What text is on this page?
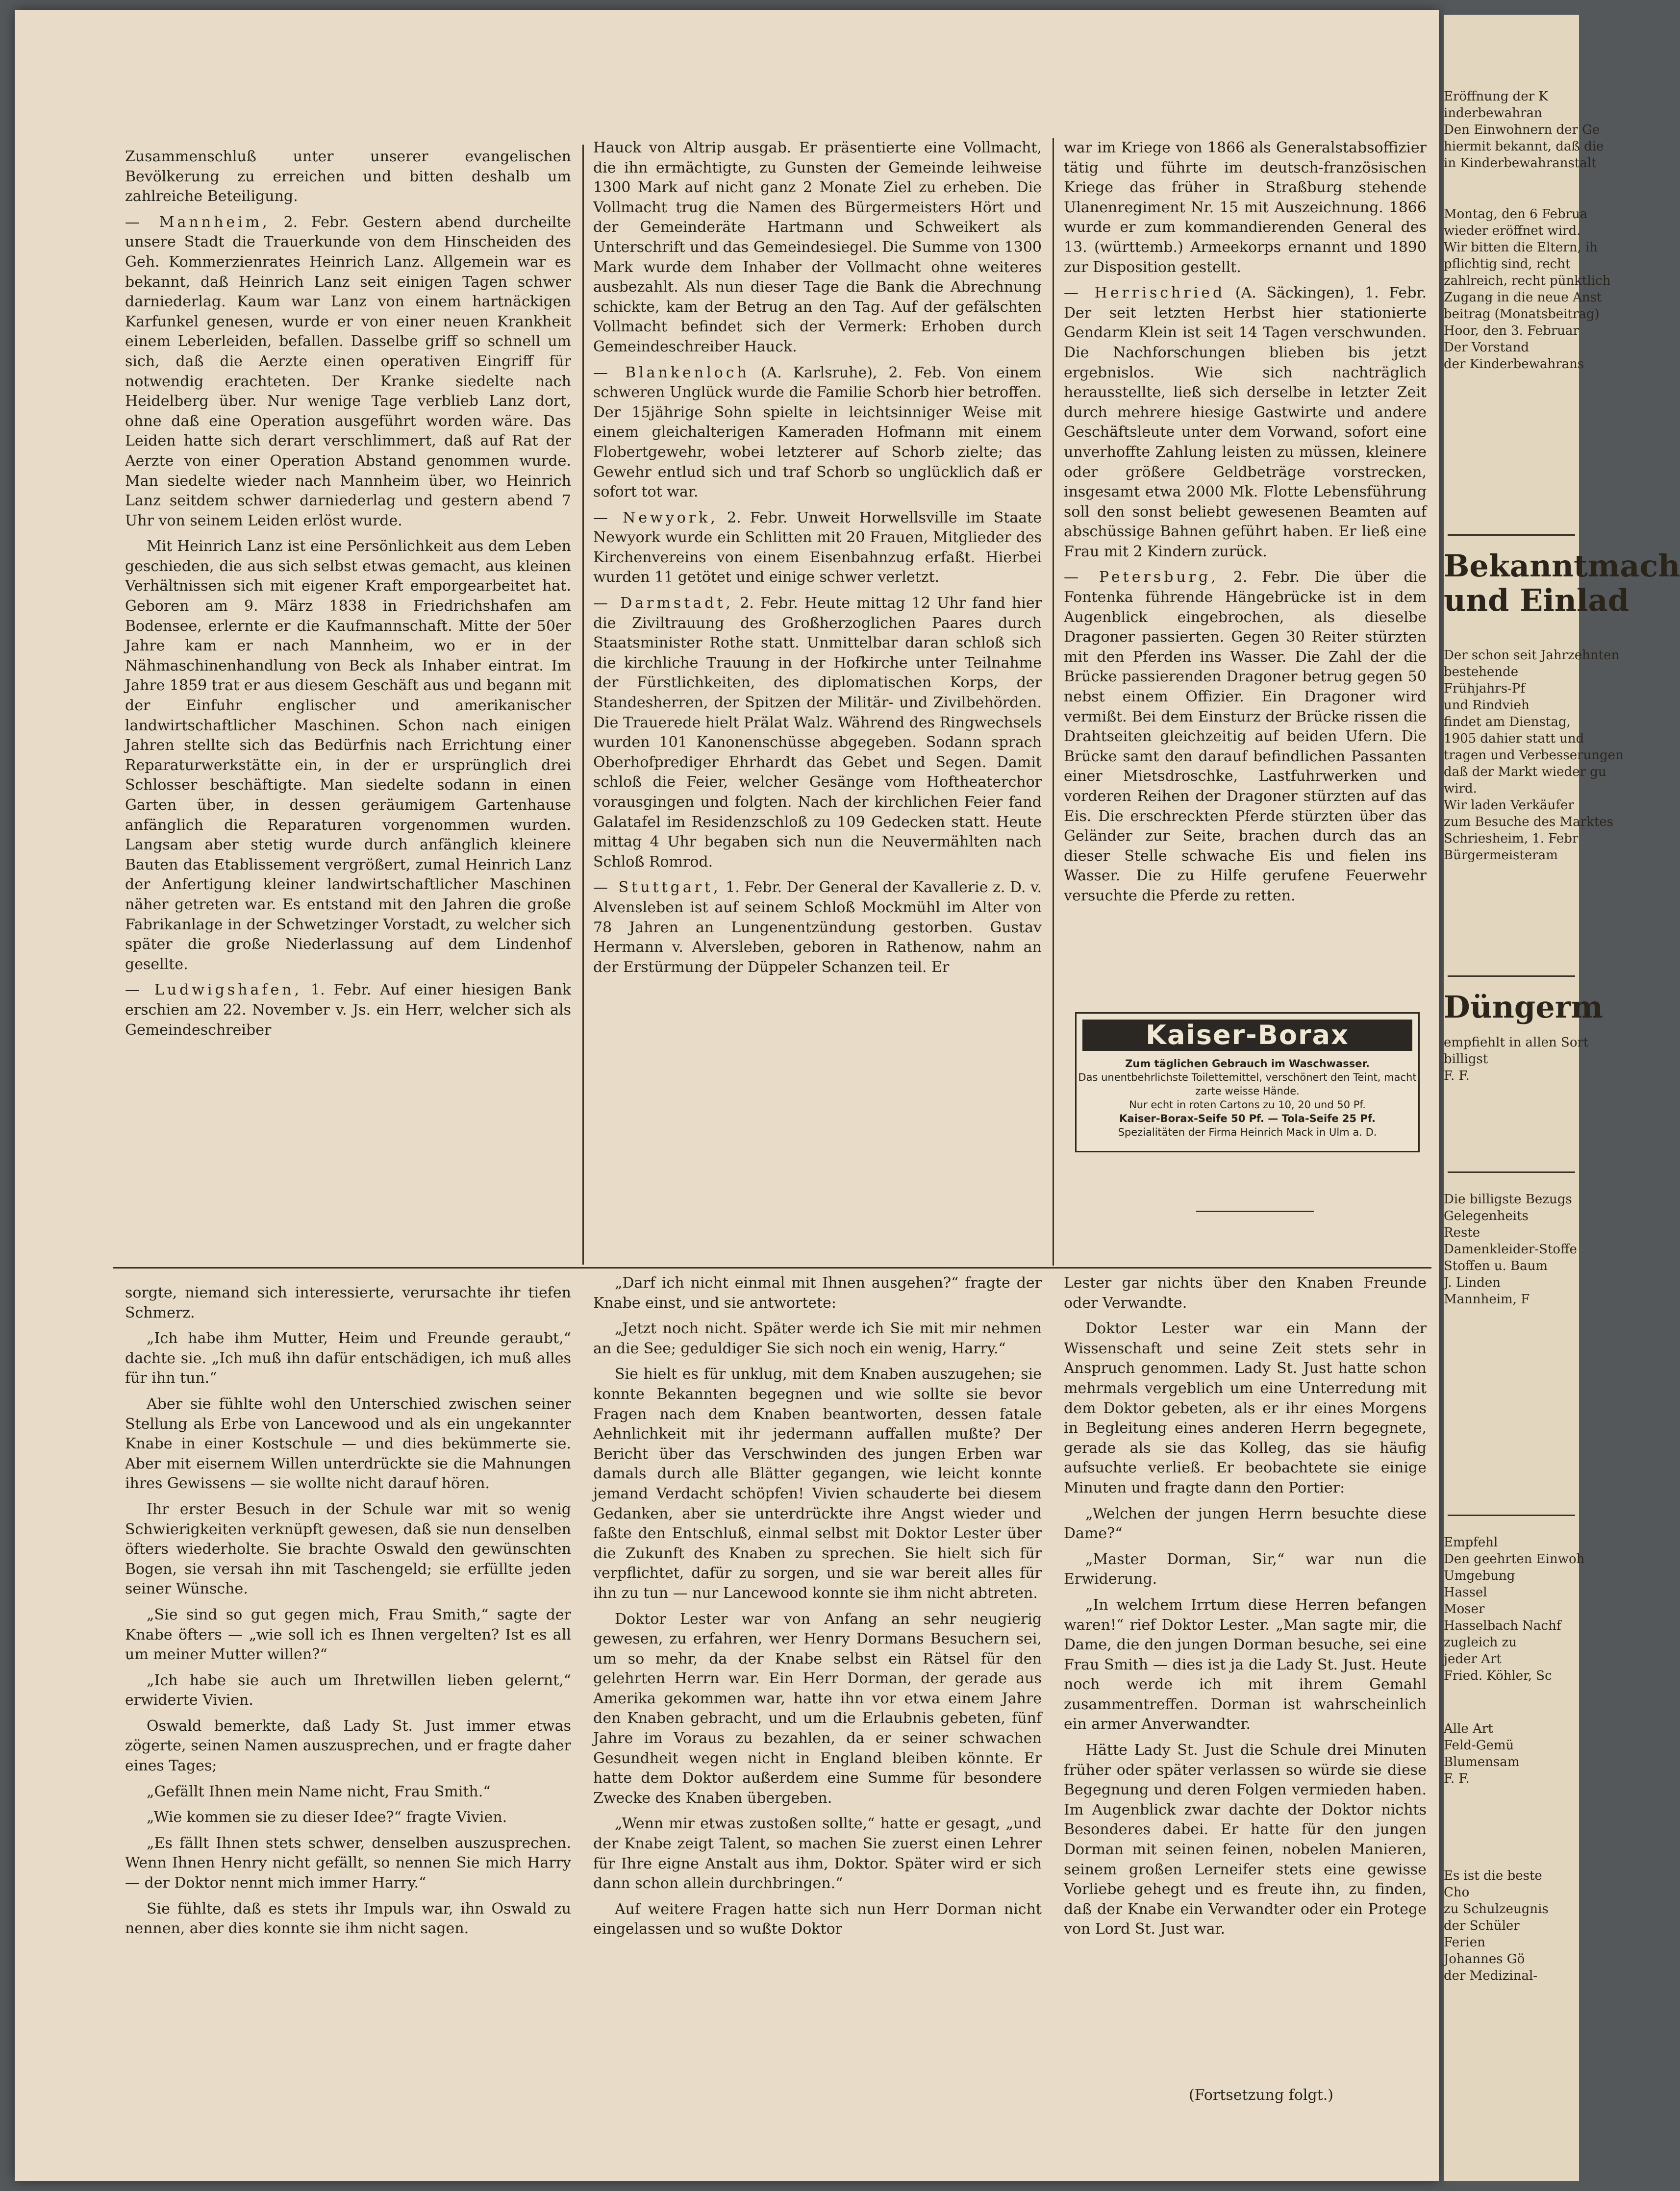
Zusammenschluß unter unserer evangelischen Bevölkerung zu erreichen und bitten deshalb um zahlreiche Beteiligung.

— Mannheim, 2. Febr. Gestern abend durcheilte unsere Stadt die Trauerkunde von dem Hinscheiden des Geh. Kommerzienrates Heinrich Lanz. Allgemein war es bekannt, daß Heinrich Lanz seit einigen Tagen schwer darniederlag. Kaum war Lanz von einem hartnäckigen Karfunkel genesen, wurde er von einer neuen Krankheit einem Leberleiden, befallen. Dasselbe griff so schnell um sich, daß die Aerzte einen operativen Eingriff für notwendig erachteten. Der Kranke siedelte nach Heidelberg über. Nur wenige Tage verblieb Lanz dort, ohne daß eine Operation ausgeführt worden wäre. Das Leiden hatte sich derart verschlimmert, daß auf Rat der Aerzte von einer Operation Abstand genommen wurde. Man siedelte wieder nach Mannheim über, wo Heinrich Lanz seitdem schwer darniederlag und gestern abend 7 Uhr von seinem Leiden erlöst wurde.

Mit Heinrich Lanz ist eine Persönlichkeit aus dem Leben geschieden, die aus sich selbst etwas gemacht, aus kleinen Verhältnissen sich mit eigener Kraft emporgearbeitet hat. Geboren am 9. März 1838 in Friedrichshafen am Bodensee, erlernte er die Kaufmannschaft. Mitte der 50er Jahre kam er nach Mannheim, wo er in der Nähmaschinenhandlung von Beck als Inhaber eintrat. Im Jahre 1859 trat er aus diesem Geschäft aus und begann mit der Einfuhr englischer und amerikanischer landwirtschaftlicher Maschinen. Schon nach einigen Jahren stellte sich das Bedürfnis nach Errichtung einer Reparaturwerkstätte ein, in der er ursprünglich drei Schlosser beschäftigte. Man siedelte sodann in einen Garten über, in dessen geräumigem Gartenhause anfänglich die Reparaturen vorgenommen wurden. Langsam aber stetig wurde durch anfänglich kleinere Bauten das Etablissement vergrößert, zumal Heinrich Lanz der Anfertigung kleiner landwirtschaftlicher Maschinen näher getreten war. Es entstand mit den Jahren die große Fabrikanlage in der Schwetzinger Vorstadt, zu welcher sich später die große Niederlassung auf dem Lindenhof gesellte.

— Ludwigshafen, 1. Febr. Auf einer hiesigen Bank erschien am 22. November v. Js. ein Herr, welcher sich als Gemeindeschreiber

Hauck von Altrip ausgab. Er präsentierte eine Vollmacht, die ihn ermächtigte, zu Gunsten der Gemeinde leihweise 1300 Mark auf nicht ganz 2 Monate Ziel zu erheben. Die Vollmacht trug die Namen des Bürgermeisters Hört und der Gemeinderäte Hartmann und Schweikert als Unterschrift und das Gemeindesiegel. Die Summe von 1300 Mark wurde dem Inhaber der Vollmacht ohne weiteres ausbezahlt. Als nun dieser Tage die Bank die Abrechnung schickte, kam der Betrug an den Tag. Auf der gefälschten Vollmacht befindet sich der Vermerk: Erhoben durch Gemeindeschreiber Hauck.

— Blankenloch (A. Karlsruhe), 2. Feb. Von einem schweren Unglück wurde die Familie Schorb hier betroffen. Der 15jährige Sohn spielte in leichtsinniger Weise mit einem gleichalterigen Kameraden Hofmann mit einem Flobertgewehr, wobei letzterer auf Schorb zielte; das Gewehr entlud sich und traf Schorb so unglücklich daß er sofort tot war.

— Newyork, 2. Febr. Unweit Horwellsville im Staate Newyork wurde ein Schlitten mit 20 Frauen, Mitglieder des Kirchenvereins von einem Eisenbahnzug erfaßt. Hierbei wurden 11 getötet und einige schwer verletzt.

— Darmstadt, 2. Febr. Heute mittag 12 Uhr fand hier die Ziviltrauung des Großherzoglichen Paares durch Staatsminister Rothe statt. Unmittelbar daran schloß sich die kirchliche Trauung in der Hofkirche unter Teilnahme der Fürstlichkeiten, des diplomatischen Korps, der Standesherren, der Spitzen der Militär- und Zivilbehörden. Die Trauerede hielt Prälat Walz. Während des Ringwechsels wurden 101 Kanonenschüsse abgegeben. Sodann sprach Oberhofprediger Ehrhardt das Gebet und Segen. Damit schloß die Feier, welcher Gesänge vom Hoftheaterchor vorausgingen und folgten. Nach der kirchlichen Feier fand Galatafel im Residenzschloß zu 109 Gedecken statt. Heute mittag 4 Uhr begaben sich nun die Neuvermählten nach Schloß Romrod.

— Stuttgart, 1. Febr. Der General der Kavallerie z. D. v. Alvensleben ist auf seinem Schloß Mockmühl im Alter von 78 Jahren an Lungenentzündung gestorben. Gustav Hermann v. Alversleben, geboren in Rathenow, nahm an der Erstürmung der Düppeler Schanzen teil. Er

war im Kriege von 1866 als Generalstabsoffizier tätig und führte im deutsch-französischen Kriege das früher in Straßburg stehende Ulanenregiment Nr. 15 mit Auszeichnung. 1866 wurde er zum kommandierenden General des 13. (württemb.) Armeekorps ernannt und 1890 zur Disposition gestellt.

— Herrischried (A. Säckingen), 1. Febr. Der seit letzten Herbst hier stationierte Gendarm Klein ist seit 14 Tagen verschwunden. Die Nachforschungen blieben bis jetzt ergebnislos. Wie sich nachträglich herausstellte, ließ sich derselbe in letzter Zeit durch mehrere hiesige Gastwirte und andere Geschäftsleute unter dem Vorwand, sofort eine unverhoffte Zahlung leisten zu müssen, kleinere oder größere Geldbeträge vorstrecken, insgesamt etwa 2000 Mk. Flotte Lebensführung soll den sonst beliebt gewesenen Beamten auf abschüssige Bahnen geführt haben. Er ließ eine Frau mit 2 Kindern zurück.

— Petersburg, 2. Febr. Die über die Fontenka führende Hängebrücke ist in dem Augenblick eingebrochen, als dieselbe Dragoner passierten. Gegen 30 Reiter stürzten mit den Pferden ins Wasser. Die Zahl der die Brücke passierenden Dragoner betrug gegen 50 nebst einem Offizier. Ein Dragoner wird vermißt. Bei dem Einsturz der Brücke rissen die Drahtseiten gleichzeitig auf beiden Ufern. Die Brücke samt den darauf befindlichen Passanten einer Mietsdroschke, Lastfuhrwerken und vorderen Reihen der Dragoner stürzten auf das Eis. Die erschreckten Pferde stürzten über das Geländer zur Seite, brachen durch das an dieser Stelle schwache Eis und fielen ins Wasser. Die zu Hilfe gerufene Feuerwehr versuchte die Pferde zu retten.

Kaiser-Borax
Zum täglichen Gebrauch im Waschwasser.
Das unentbehrlichste Toilettemittel, verschönert den Teint, macht zarte weisse Hände.
Nur echt in roten Cartons zu 10, 20 und 50 Pf.
Kaiser-Borax-Seife 50 Pf. — Tola-Seife 25 Pf.
Spezialitäten der Firma Heinrich Mack in Ulm a. D.

sorgte, niemand sich interessierte, verursachte ihr tiefen Schmerz.

„Ich habe ihm Mutter, Heim und Freunde geraubt,“ dachte sie. „Ich muß ihn dafür entschädigen, ich muß alles für ihn tun.“

Aber sie fühlte wohl den Unterschied zwischen seiner Stellung als Erbe von Lancewood und als ein ungekannter Knabe in einer Kostschule — und dies bekümmerte sie. Aber mit eisernem Willen unterdrückte sie die Mahnungen ihres Gewissens — sie wollte nicht darauf hören.

Ihr erster Besuch in der Schule war mit so wenig Schwierigkeiten verknüpft gewesen, daß sie nun denselben öfters wiederholte. Sie brachte Oswald den gewünschten Bogen, sie versah ihn mit Taschengeld; sie erfüllte jeden seiner Wünsche.

„Sie sind so gut gegen mich, Frau Smith,“ sagte der Knabe öfters — „wie soll ich es Ihnen vergelten? Ist es all um meiner Mutter willen?“

„Ich habe sie auch um Ihretwillen lieben gelernt,“ erwiderte Vivien.

Oswald bemerkte, daß Lady St. Just immer etwas zögerte, seinen Namen auszusprechen, und er fragte daher eines Tages;

„Gefällt Ihnen mein Name nicht, Frau Smith.“

„Wie kommen sie zu dieser Idee?“ fragte Vivien.

„Es fällt Ihnen stets schwer, denselben auszusprechen. Wenn Ihnen Henry nicht gefällt, so nennen Sie mich Harry — der Doktor nennt mich immer Harry.“

Sie fühlte, daß es stets ihr Impuls war, ihn Oswald zu nennen, aber dies konnte sie ihm nicht sagen.

„Darf ich nicht einmal mit Ihnen ausgehen?“ fragte der Knabe einst, und sie antwortete:

„Jetzt noch nicht. Später werde ich Sie mit mir nehmen an die See; geduldiger Sie sich noch ein wenig, Harry.“

Sie hielt es für unklug, mit dem Knaben auszugehen; sie konnte Bekannten begegnen und wie sollte sie bevor Fragen nach dem Knaben beantworten, dessen fatale Aehnlichkeit mit ihr jedermann auffallen mußte? Der Bericht über das Verschwinden des jungen Erben war damals durch alle Blätter gegangen, wie leicht konnte jemand Verdacht schöpfen! Vivien schauderte bei diesem Gedanken, aber sie unterdrückte ihre Angst wieder und faßte den Entschluß, einmal selbst mit Doktor Lester über die Zukunft des Knaben zu sprechen. Sie hielt sich für verpflichtet, dafür zu sorgen, und sie war bereit alles für ihn zu tun — nur Lancewood konnte sie ihm nicht abtreten.

Doktor Lester war von Anfang an sehr neugierig gewesen, zu erfahren, wer Henry Dormans Besuchern sei, um so mehr, da der Knabe selbst ein Rätsel für den gelehrten Herrn war. Ein Herr Dorman, der gerade aus Amerika gekommen war, hatte ihn vor etwa einem Jahre den Knaben gebracht, und um die Erlaubnis gebeten, fünf Jahre im Voraus zu bezahlen, da er seiner schwachen Gesundheit wegen nicht in England bleiben könnte. Er hatte dem Doktor außerdem eine Summe für besondere Zwecke des Knaben übergeben.

„Wenn mir etwas zustoßen sollte,“ hatte er gesagt, „und der Knabe zeigt Talent, so machen Sie zuerst einen Lehrer für Ihre eigne Anstalt aus ihm, Doktor. Später wird er sich dann schon allein durchbringen.“

Auf weitere Fragen hatte sich nun Herr Dorman nicht eingelassen und so wußte Doktor

Lester gar nichts über den Knaben Freunde oder Verwandte.

Doktor Lester war ein Mann der Wissenschaft und seine Zeit stets sehr in Anspruch genommen. Lady St. Just hatte schon mehrmals vergeblich um eine Unterredung mit dem Doktor gebeten, als er ihr eines Morgens in Begleitung eines anderen Herrn begegnete, gerade als sie das Kolleg, das sie häufig aufsuchte verließ. Er beobachtete sie einige Minuten und fragte dann den Portier:

„Welchen der jungen Herrn besuchte diese Dame?“

„Master Dorman, Sir,“ war nun die Erwiderung.

„In welchem Irrtum diese Herren befangen waren!“ rief Doktor Lester. „Man sagte mir, die Dame, die den jungen Dorman besuche, sei eine Frau Smith — dies ist ja die Lady St. Just. Heute noch werde ich mit ihrem Gemahl zusammentreffen. Dorman ist wahrscheinlich ein armer Anverwandter.

Hätte Lady St. Just die Schule drei Minuten früher oder später verlassen so würde sie diese Begegnung und deren Folgen vermieden haben. Im Augenblick zwar dachte der Doktor nichts Besonderes dabei. Er hatte für den jungen Dorman mit seinen feinen, nobelen Manieren, seinem großen Lerneifer stets eine gewisse Vorliebe gehegt und es freute ihn, zu finden, daß der Knabe ein Verwandter oder ein Protege von Lord St. Just war.

(Fortsetzung folgt.)
Eröffnung der K
inderbewahran
Den Einwohnern der Ge
hiermit bekannt, daß die
in Kinderbewahranstalt
Montag, den 6 Februa
wieder eröffnet wird.
Wir bitten die Eltern, ih
pflichtig sind, recht
zahlreich, recht pünktlich
Zugang in die neue Anst
beitrag (Monatsbeitrag)
Hoor, den 3. Februar
Der Vorstand
der Kinderbewahrans
Bekanntmach
und Einlad
Der schon seit Jahrzehnten
bestehende
Frühjahrs-Pf
und Rindvieh
findet am Dienstag,
1905 dahier statt und
tragen und Verbesserungen
daß der Markt wieder gu
wird.
Wir laden Verkäufer
zum Besuche des Marktes
Schriesheim, 1. Febr
Bürgermeisteram
Düngerm
empfiehlt in allen Sort
billigst
F. F.
Die billigste Bezugs
Gelegenheits
Reste
Damenkleider-Stoffe
Stoffen u. Baum
J. Linden
Mannheim, F
Empfehl
Den geehrten Einwoh
Umgebung
Hassel
Moser
Hasselbach Nachf
zugleich zu
jeder Art
Fried. Köhler, Sc
Alle Art
Feld-Gemü
Blumensam
F. F.
Es ist die beste
Cho
zu Schulzeugnis
der Schüler
Ferien
Johannes Gö
der Medizinal-
